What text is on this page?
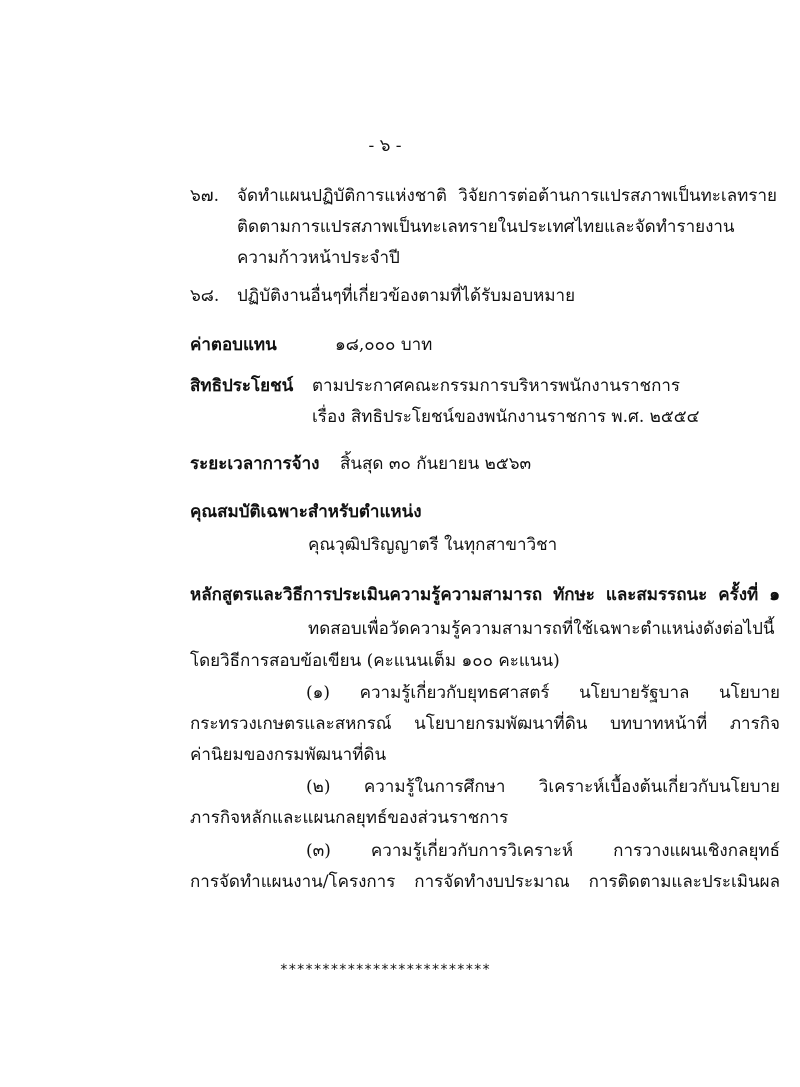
- ๖ -
๖๗. จัดทำแผนปฏิบัติการแห่งชาติ วิจัยการต่อต้านการแปรสภาพเป็นทะเลทราย
ติดตามการแปรสภาพเป็นทะเลทรายในประเทศไทยและจัดทำรายงาน
ความก้าวหน้าประจำปี
๖๘. ปฏิบัติงานอื่นๆที่เกี่ยวข้องตามที่ได้รับมอบหมาย
ค่าตอบแทน	๑๘,๐๐๐ บาท
สิทธิประโยชน์ ตามประกาศคณะกรรมการบริหารพนักงานราชการ
เรื่อง สิทธิประโยชน์ของพนักงานราชการ พ.ศ. ๒๕๕๔
ระยะเวลาการจ้าง สิ้นสุด ๓๐ กันยายน ๒๕๖๓
คุณสมบัติเฉพาะสำหรับตำแหน่ง
คุณวุฒิปริญญาตรี ในทุกสาขาวิชา
หลักสูตรและวิธีการประเมินความรู้ความสามารถ ทักษะ และสมรรถนะ ครั้งที่ ๑
ทดสอบเพื่อวัดความรู้ความสามารถที่ใช้เฉพาะตำแหน่งดังต่อไปนี้
โดยวิธีการสอบข้อเขียน (คะแนนเต็ม ๑๐๐ คะแนน)
(๑) ความรู้เกี่ยวกับยุทธศาสตร์ นโยบายรัฐบาล นโยบาย
กระทรวงเกษตรและสหกรณ์ นโยบายกรมพัฒนาที่ดิน บทบาทหน้าที่ ภารกิจ
ค่านิยมของกรมพัฒนาที่ดิน
(๒) ความรู้ในการศึกษา วิเคราะห์เบื้องต้นเกี่ยวกับนโยบาย
ภารกิจหลักและแผนกลยุทธ์ของส่วนราชการ
(๓) ความรู้เกี่ยวกับการวิเคราะห์ การวางแผนเชิงกลยุทธ์
การจัดทำแผนงาน/โครงการ การจัดทำงบประมาณ การติดตามและประเมินผล
*************************
